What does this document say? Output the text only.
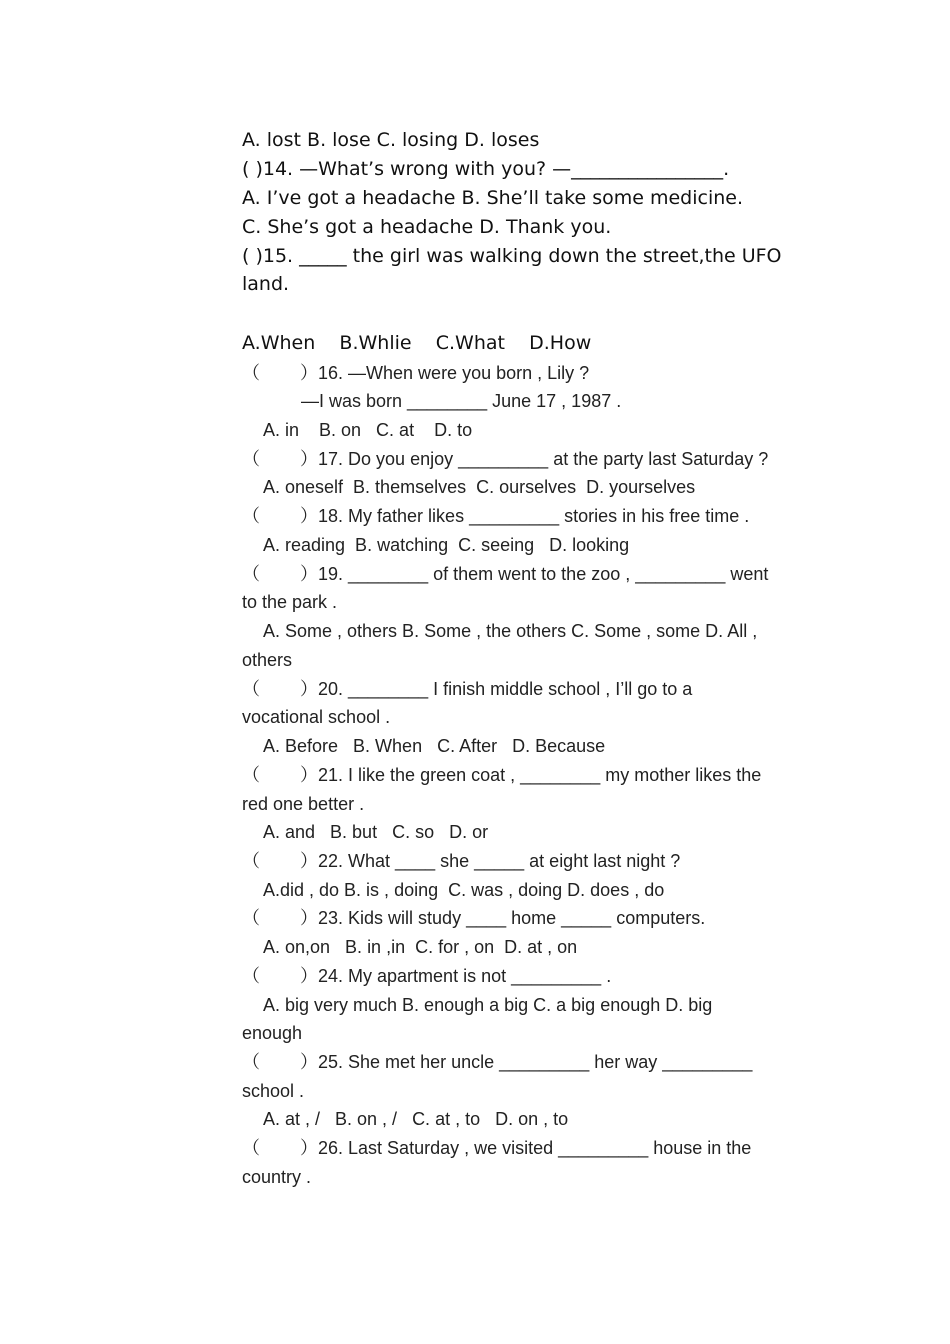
A. lost B. lose C. losing D. loses
( )14. —What’s wrong with you? —________________.
A. I’ve got a headache B. She’ll take some medicine.
C. She’s got a headache D. Thank you.
( )15. _____ the girl was walking down the street,the UFO
land.
A.When    B.Whlie    C.What    D.How
（        ）16. —When were you born , Lily ?
—I was born ________ June 17 , 1987 .
A. in    B. on   C. at    D. to
（        ）17. Do you enjoy _________ at the party last Saturday ?
A. oneself  B. themselves  C. ourselves  D. yourselves
（        ）18. My father likes _________ stories in his free time .
A. reading  B. watching  C. seeing   D. looking
（        ）19. ________ of them went to the zoo , _________ went
to the park .
A. Some , others B. Some , the others C. Some , some D. All ,
others
（        ）20. ________ I finish middle school , I’ll go to a
vocational school .
A. Before   B. When   C. After   D. Because
（        ）21. I like the green coat , ________ my mother likes the
red one better .
A. and   B. but   C. so   D. or
（        ）22. What ____ she _____ at eight last night ?
A.did , do B. is , doing  C. was , doing D. does , do
（        ）23. Kids will study ____ home _____ computers.
A. on,on   B. in ,in  C. for , on  D. at , on
（        ）24. My apartment is not _________ .
A. big very much B. enough a big C. a big enough D. big
enough
（        ）25. She met her uncle _________ her way _________
school .
A. at , /   B. on , /   C. at , to   D. on , to
（        ）26. Last Saturday , we visited _________ house in the
country .
